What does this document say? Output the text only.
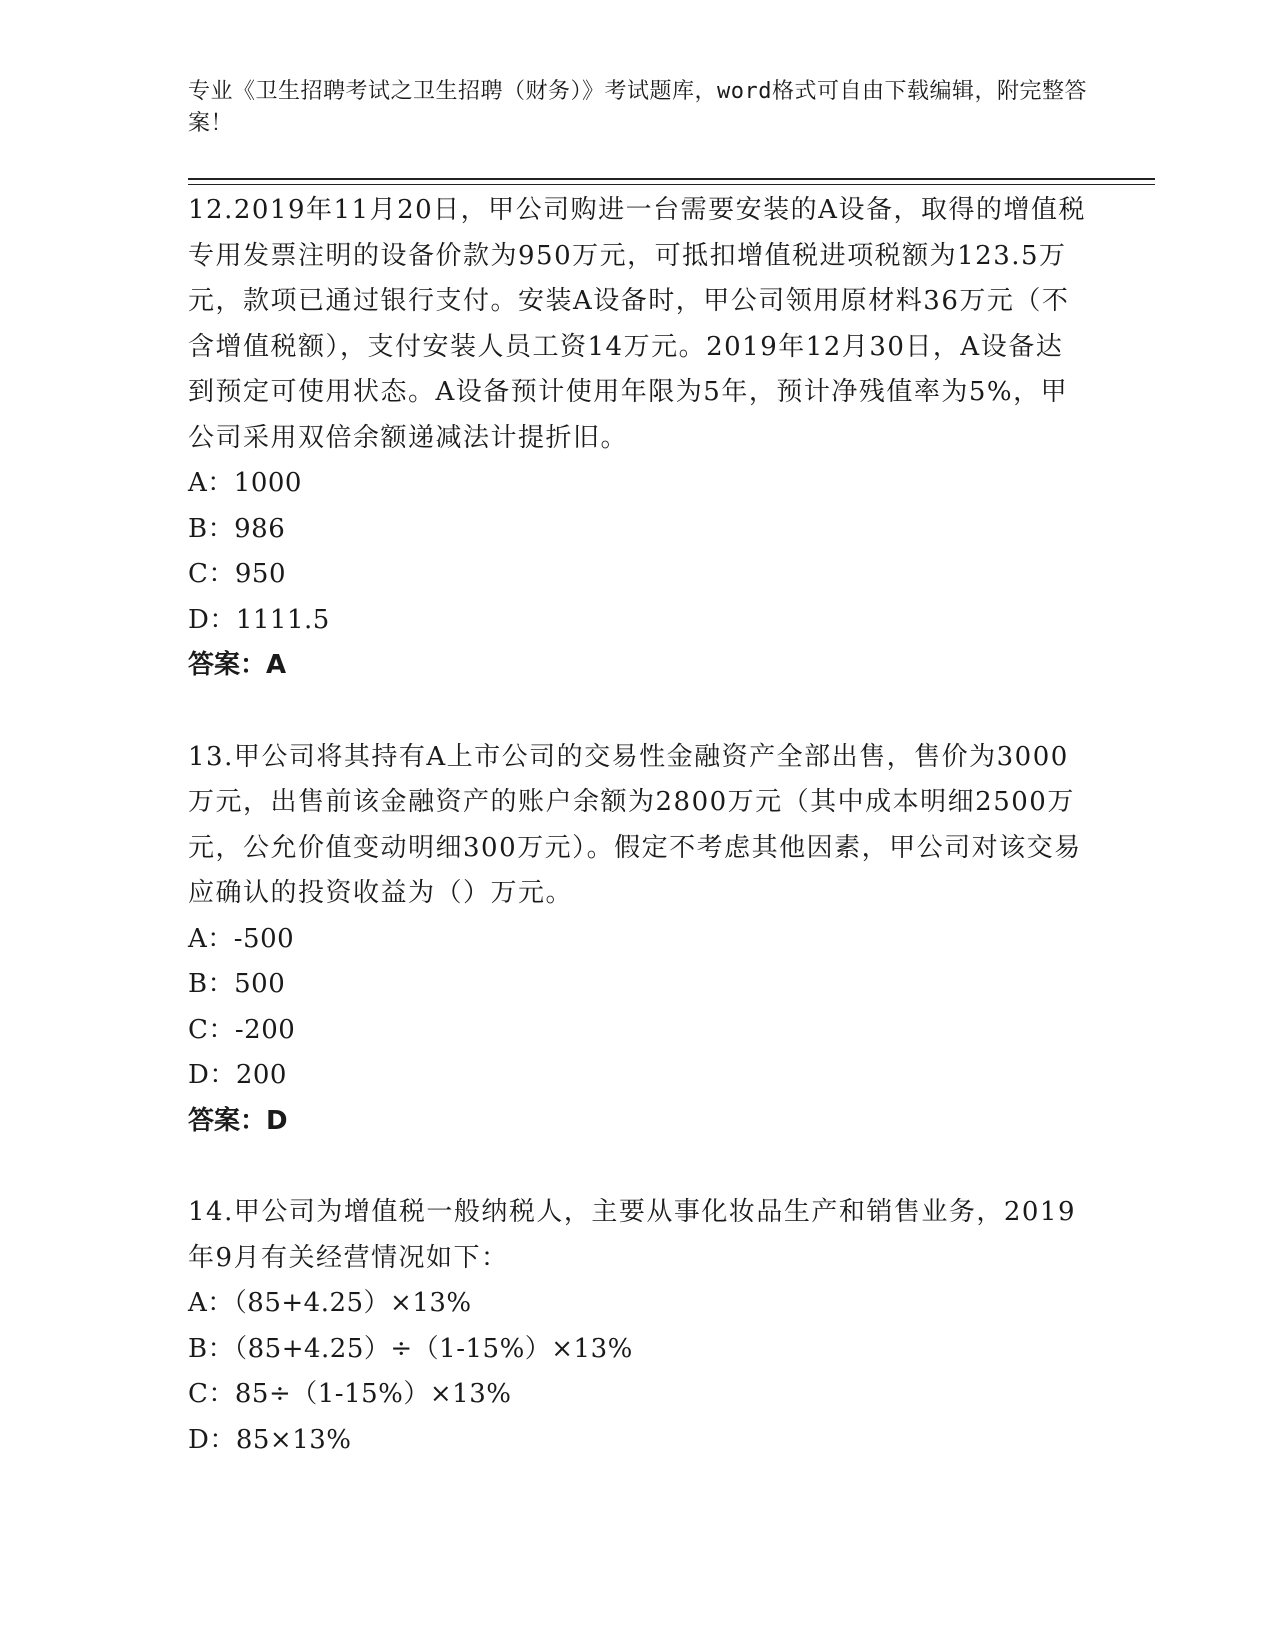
专业《卫生招聘考试之卫生招聘（财务）》考试题库，word格式可自由下载编辑，附完整答案！

12.2019年11月20日，甲公司购进一台需要安装的A设备，取得的增值税专用发票注明的设备价款为950万元，可抵扣增值税进项税额为123.5万元，款项已通过银行支付。安装A设备时，甲公司领用原材料36万元（不含增值税额），支付安装人员工资14万元。2019年12月30日，A设备达到预定可使用状态。A设备预计使用年限为5年，预计净残值率为5%，甲公司采用双倍余额递减法计提折旧。

A：1000

B：986

C：950

D：1111.5

答案：A

13.甲公司将其持有A上市公司的交易性金融资产全部出售，售价为3000万元，出售前该金融资产的账户余额为2800万元（其中成本明细2500万元，公允价值变动明细300万元）。假定不考虑其他因素，甲公司对该交易应确认的投资收益为（）万元。

A：-500

B：500

C：-200

D：200

答案：D

14.甲公司为增值税一般纳税人，主要从事化妆品生产和销售业务，2019年9月有关经营情况如下：

A：（85+4.25）×13%

B：（85+4.25）÷（1-15%）×13%

C：85÷（1-15%）×13%

D：85×13%
